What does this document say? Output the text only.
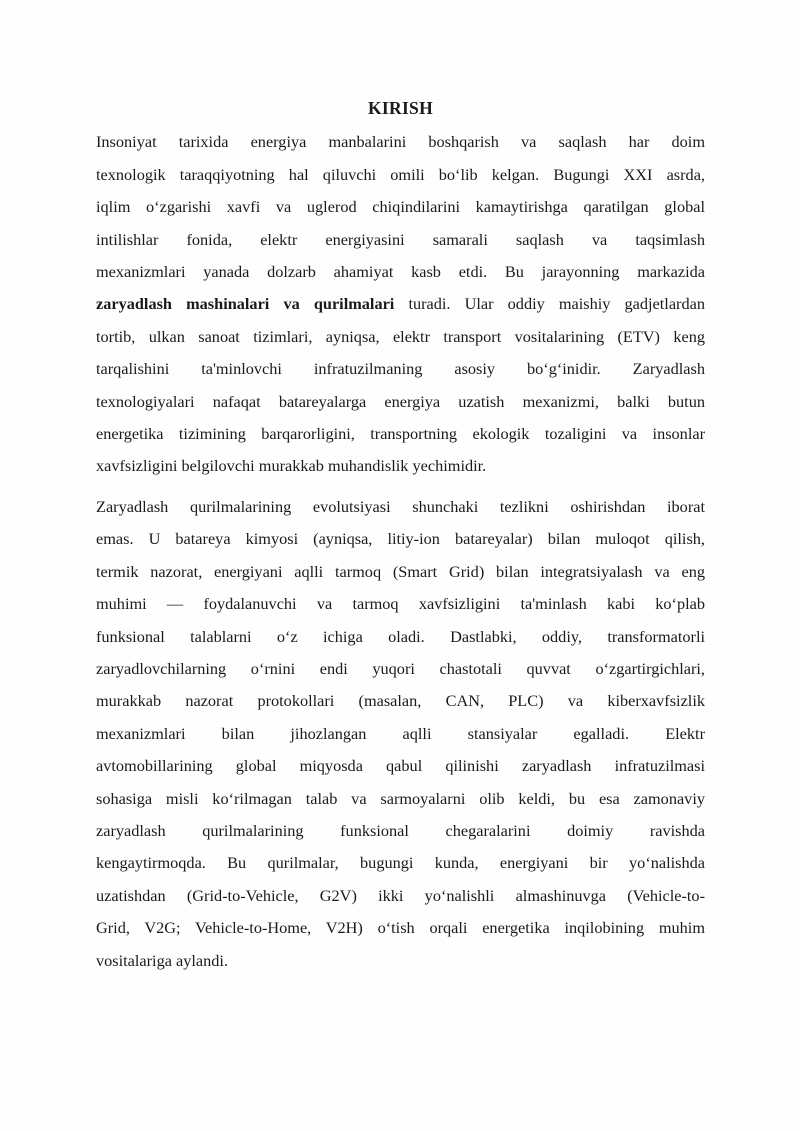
KIRISH
Insoniyat tarixida energiya manbalarini boshqarish va saqlash har doim
texnologik taraqqiyotning hal qiluvchi omili bo‘lib kelgan. Bugungi XXI asrda,
iqlim o‘zgarishi xavfi va uglerod chiqindilarini kamaytirishga qaratilgan global
intilishlar fonida, elektr energiyasini samarali saqlash va taqsimlash
mexanizmlari yanada dolzarb ahamiyat kasb etdi. Bu jarayonning markazida
zaryadlash mashinalari va qurilmalari turadi. Ular oddiy maishiy gadjetlardan
tortib, ulkan sanoat tizimlari, ayniqsa, elektr transport vositalarining (ETV) keng
tarqalishini ta'minlovchi infratuzilmaning asosiy bo‘g‘inidir. Zaryadlash
texnologiyalari nafaqat batareyalarga energiya uzatish mexanizmi, balki butun
energetika tizimining barqarorligini, transportning ekologik tozaligini va insonlar
xavfsizligini belgilovchi murakkab muhandislik yechimidir.
Zaryadlash qurilmalarining evolutsiyasi shunchaki tezlikni oshirishdan iborat
emas. U batareya kimyosi (ayniqsa, litiy-ion batareyalar) bilan muloqot qilish,
termik nazorat, energiyani aqlli tarmoq (Smart Grid) bilan integratsiyalash va eng
muhimi — foydalanuvchi va tarmoq xavfsizligini ta'minlash kabi ko‘plab
funksional talablarni o‘z ichiga oladi. Dastlabki, oddiy, transformatorli
zaryadlovchilarning o‘rnini endi yuqori chastotali quvvat o‘zgartirgichlari,
murakkab nazorat protokollari (masalan, CAN, PLC) va kiberxavfsizlik
mexanizmlari bilan jihozlangan aqlli stansiyalar egalladi. Elektr
avtomobillarining global miqyosda qabul qilinishi zaryadlash infratuzilmasi
sohasiga misli ko‘rilmagan talab va sarmoyalarni olib keldi, bu esa zamonaviy
zaryadlash qurilmalarining funksional chegaralarini doimiy ravishda
kengaytirmoqda. Bu qurilmalar, bugungi kunda, energiyani bir yo‘nalishda
uzatishdan (Grid-to-Vehicle, G2V) ikki yo‘nalishli almashinuvga (Vehicle-to-
Grid, V2G; Vehicle-to-Home, V2H) o‘tish orqali energetika inqilobining muhim
vositalariga aylandi.
